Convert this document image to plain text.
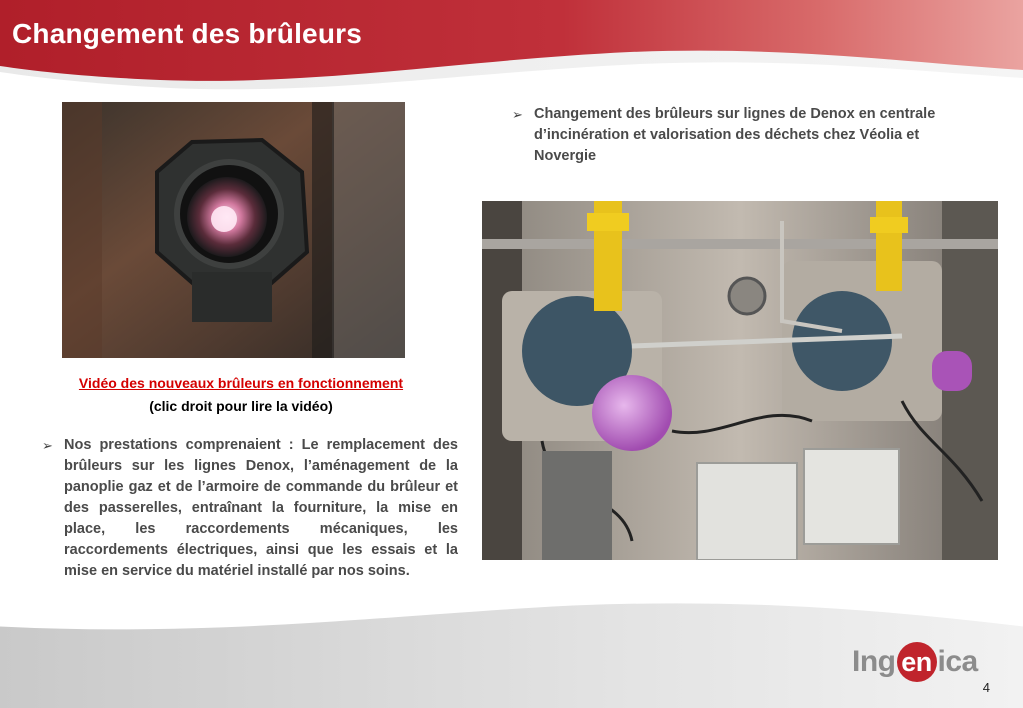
Changement des brûleurs
Vidéo des nouveaux brûleurs en fonctionnement
(clic droit pour lire la vidéo)
➢ Nos prestations comprenaient : Le remplacement des brûleurs sur les lignes Denox, l’aménagement de la panoplie gaz et de l’armoire de commande du brûleur et des passerelles, entraînant la fourniture, la mise en place, les raccordements mécaniques, les raccordements électriques, ainsi que les essais et la mise en service du matériel installé par nos soins.
➢ Changement des brûleurs sur lignes de Denox en centrale d’incinération et valorisation des déchets chez Véolia et Novergie
Ing en ica
4
